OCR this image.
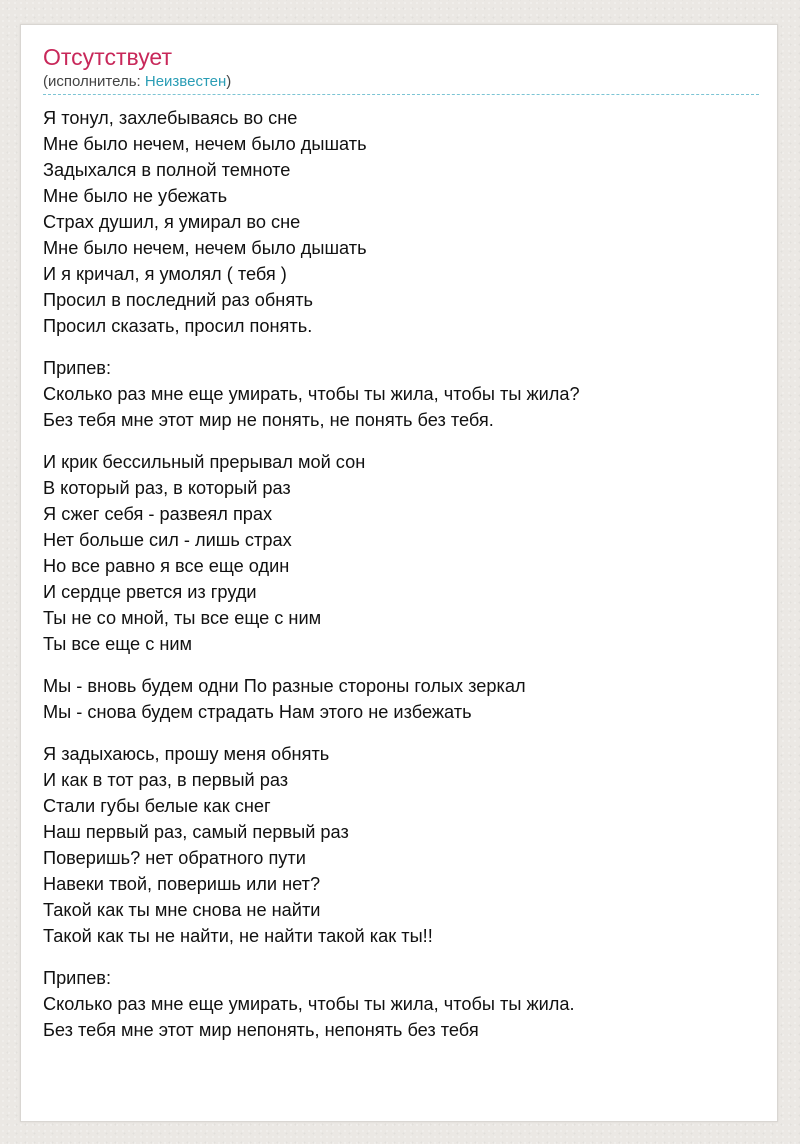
Отсутствует
(исполнитель: Неизвестен)
Я тонул, захлебываясь во сне
Мне было нечем, нечем было дышать
Задыхался в полной темноте
Мне было не убежать
Страх душил, я умирал во сне
Мне было нечем, нечем было дышать
И я кричал, я умолял ( тебя )
Просил в последний раз обнять
Просил сказать, просил понять.
Припев:
Сколько раз мне еще умирать, чтобы ты жила, чтобы ты жила?
Без тебя мне этот мир не понять, не понять без тебя.
И крик бессильный прерывал мой сон
В который раз, в который раз
Я сжег себя - развеял прах
Нет больше сил - лишь страх
Но все равно я все еще один
И сердце рвется из груди
Ты не со мной, ты все еще с ним
Ты все еще с ним
Мы - вновь будем одни По разные стороны голых зеркал
Мы - снова будем страдать Нам этого не избежать
Я задыхаюсь, прошу меня обнять
И как в тот раз, в первый раз
Стали губы белые как снег
Наш первый раз, самый первый раз
Поверишь? нет обратного пути
Навеки твой, поверишь или нет?
Такой как ты мне снова не найти
Такой как ты не найти, не найти такой как ты!!
Припев:
Сколько раз мне еще умирать, чтобы ты жила, чтобы ты жила.
Без тебя мне этот мир непонять, непонять без тебя
